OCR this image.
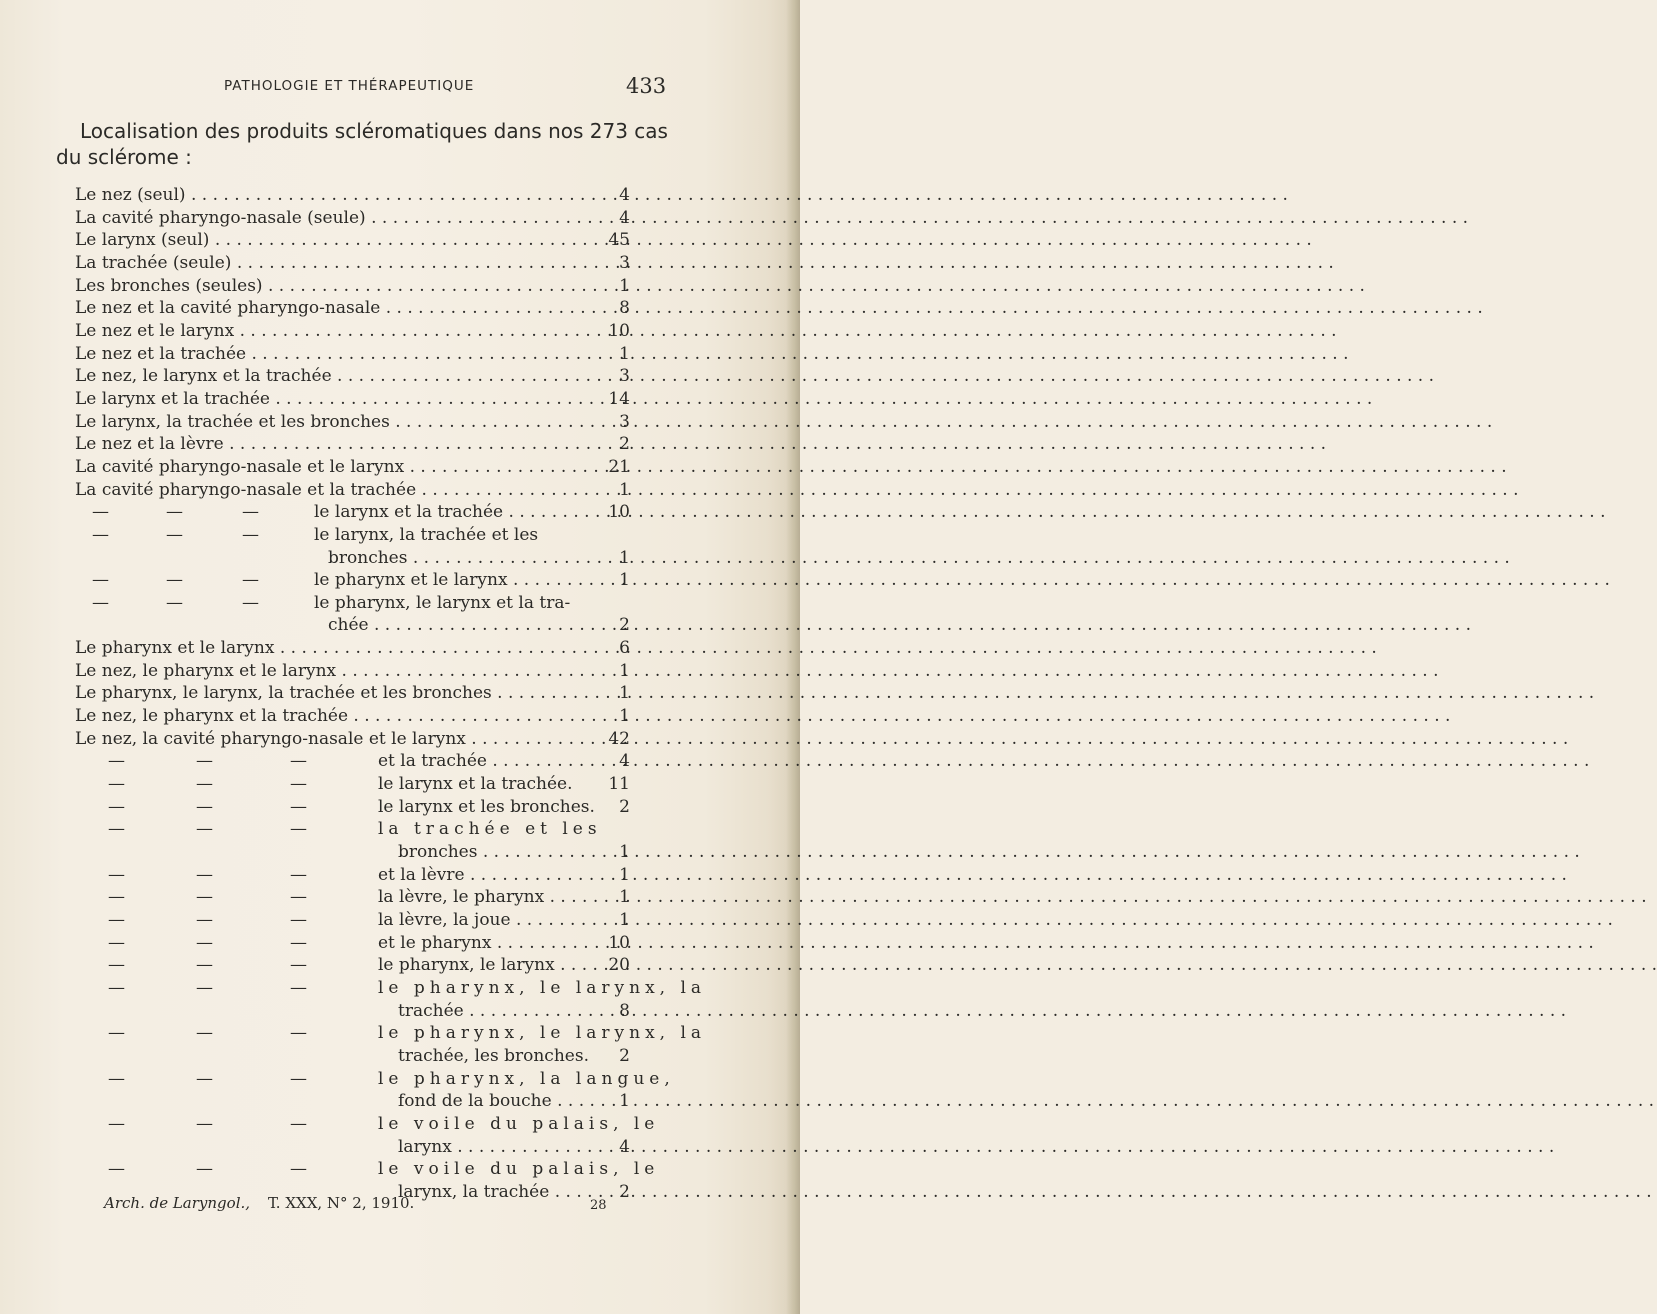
PATHOLOGIE ET THÉRAPEUTIQUE	433
Localisation des produits scléromatiques dans nos 273 cas du sclérome :
Le nez (seul) . . .	4
La cavité pharyngo-nasale (seule) . . .	4
Le larynx (seul) . . .	45
La trachée (seule) . . .	3
Les bronches (seules) . . .	1
Le nez et la cavité pharyngo-nasale . . .	8
Le nez et le larynx . . .	10
Le nez et la trachée . . .	1
Le nez, le larynx et la trachée . . .	3
Le larynx et la trachée . . .	14
Le larynx, la trachée et les bronches . . .	3
Le nez et la lèvre . . .	2
La cavité pharyngo-nasale et le larynx . . .	21
La cavité pharyngo-nasale et la trachée . . .	1
—	—	—	le larynx et la trachée . . .	10
—	—	—	le larynx, la trachée et les
bronches . . .	1
—	—	—	le pharynx et le larynx . . .	1
—	—	—	le pharynx, le larynx et la tra-
chée . . .	2
Le pharynx et le larynx . . .	6
Le nez, le pharynx et le larynx . . .	1
Le pharynx, le larynx, la trachée et les bronches . . .	1
Le nez, le pharynx et la trachée . . .	1
Le nez, la cavité pharyngo-nasale et le larynx . . .	42
—	—	—	et la trachée . . .	4
—	—	—	le larynx et la trachée.	11
—	—	—	le larynx et les bronches.	2
—	—	—	la trachée et les
bronches . . .	1
—	—	—	et la lèvre . . .	1
—	—	—	la lèvre, le pharynx . . .	1
—	—	—	la lèvre, la joue . . .	1
—	—	—	et le pharynx . . .	10
—	—	—	le pharynx, le larynx . . .	20
—	—	—	le pharynx, le larynx, la
trachée . . .	8
—	—	—	le pharynx, le larynx, la
trachée, les bronches.	2
—	—	—	le pharynx, la langue,
fond de la bouche . . .	1
—	—	—	le voile du palais, le
larynx . . .	4
—	—	—	le voile du palais, le
larynx, la trachée . . .	2
Arch. de Laryngol., T. XXX, N° 2, 1910.	28
